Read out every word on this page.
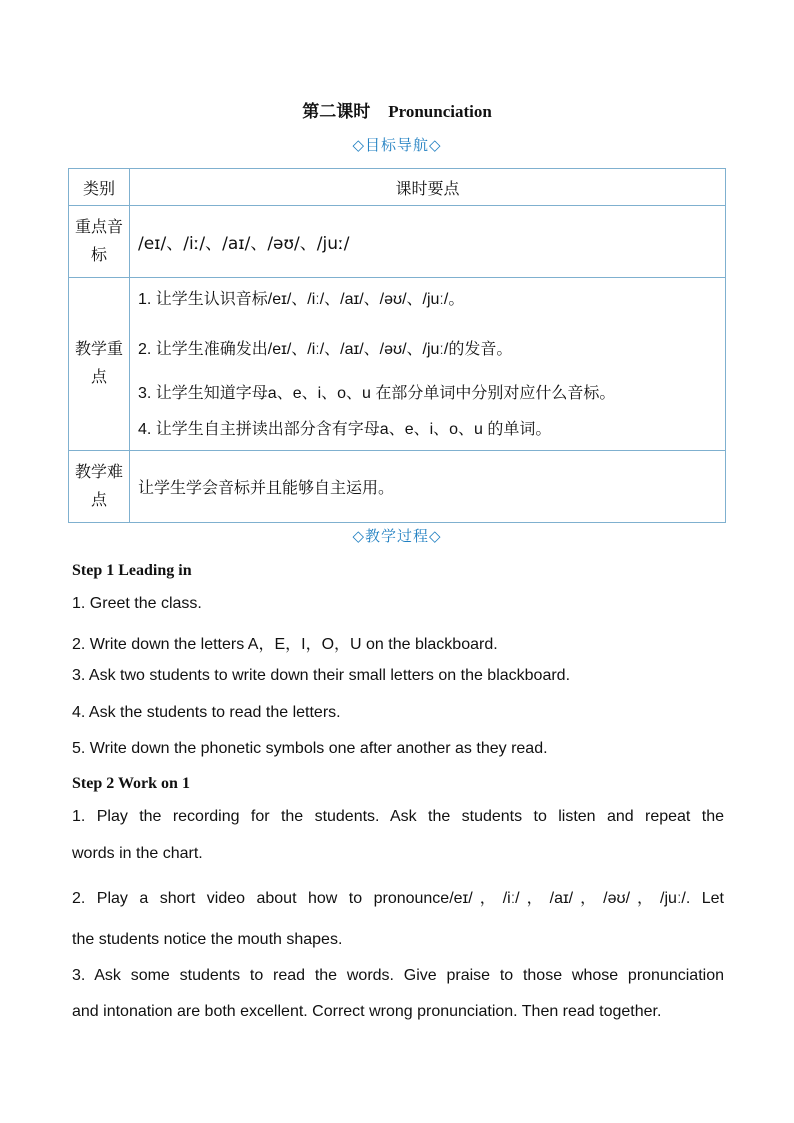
第二课时 Pronunciation
◇目标导航◇
类别	课时要点
重点音标	/eɪ/、/iː/、/aɪ/、/əʊ/、/juː/
教学重点	1. 让学生认识音标/eɪ/、/iː/、/aɪ/、/əʊ/、/juː/。
2. 让学生准确发出/eɪ/、/iː/、/aɪ/、/əʊ/、/juː/的发音。
3. 让学生知道字母a、e、i、o、u 在部分单词中分别对应什么音标。
4. 让学生自主拼读出部分含有字母a、e、i、o、u 的单词。

教学难点	让学生学会音标并且能够自主运用。
◇教学过程◇
Step 1 Leading in
1. Greet the class.
2. Write down the letters A，E，I，O，U on the blackboard.
3. Ask two students to write down their small letters on the blackboard.
4. Ask the students to read the letters.
5. Write down the phonetic symbols one after another as they read.
Step 2 Work on 1
1. Play the recording for the students. Ask the students to listen and repeat the
words in the chart.
2. Play a short video about how to pronounce/eɪ/，/iː/，/aɪ/，/əʊ/，/juː/. Let
the students notice the mouth shapes.
3. Ask some students to read the words. Give praise to those whose pronunciation
and intonation are both excellent. Correct wrong pronunciation. Then read together.
